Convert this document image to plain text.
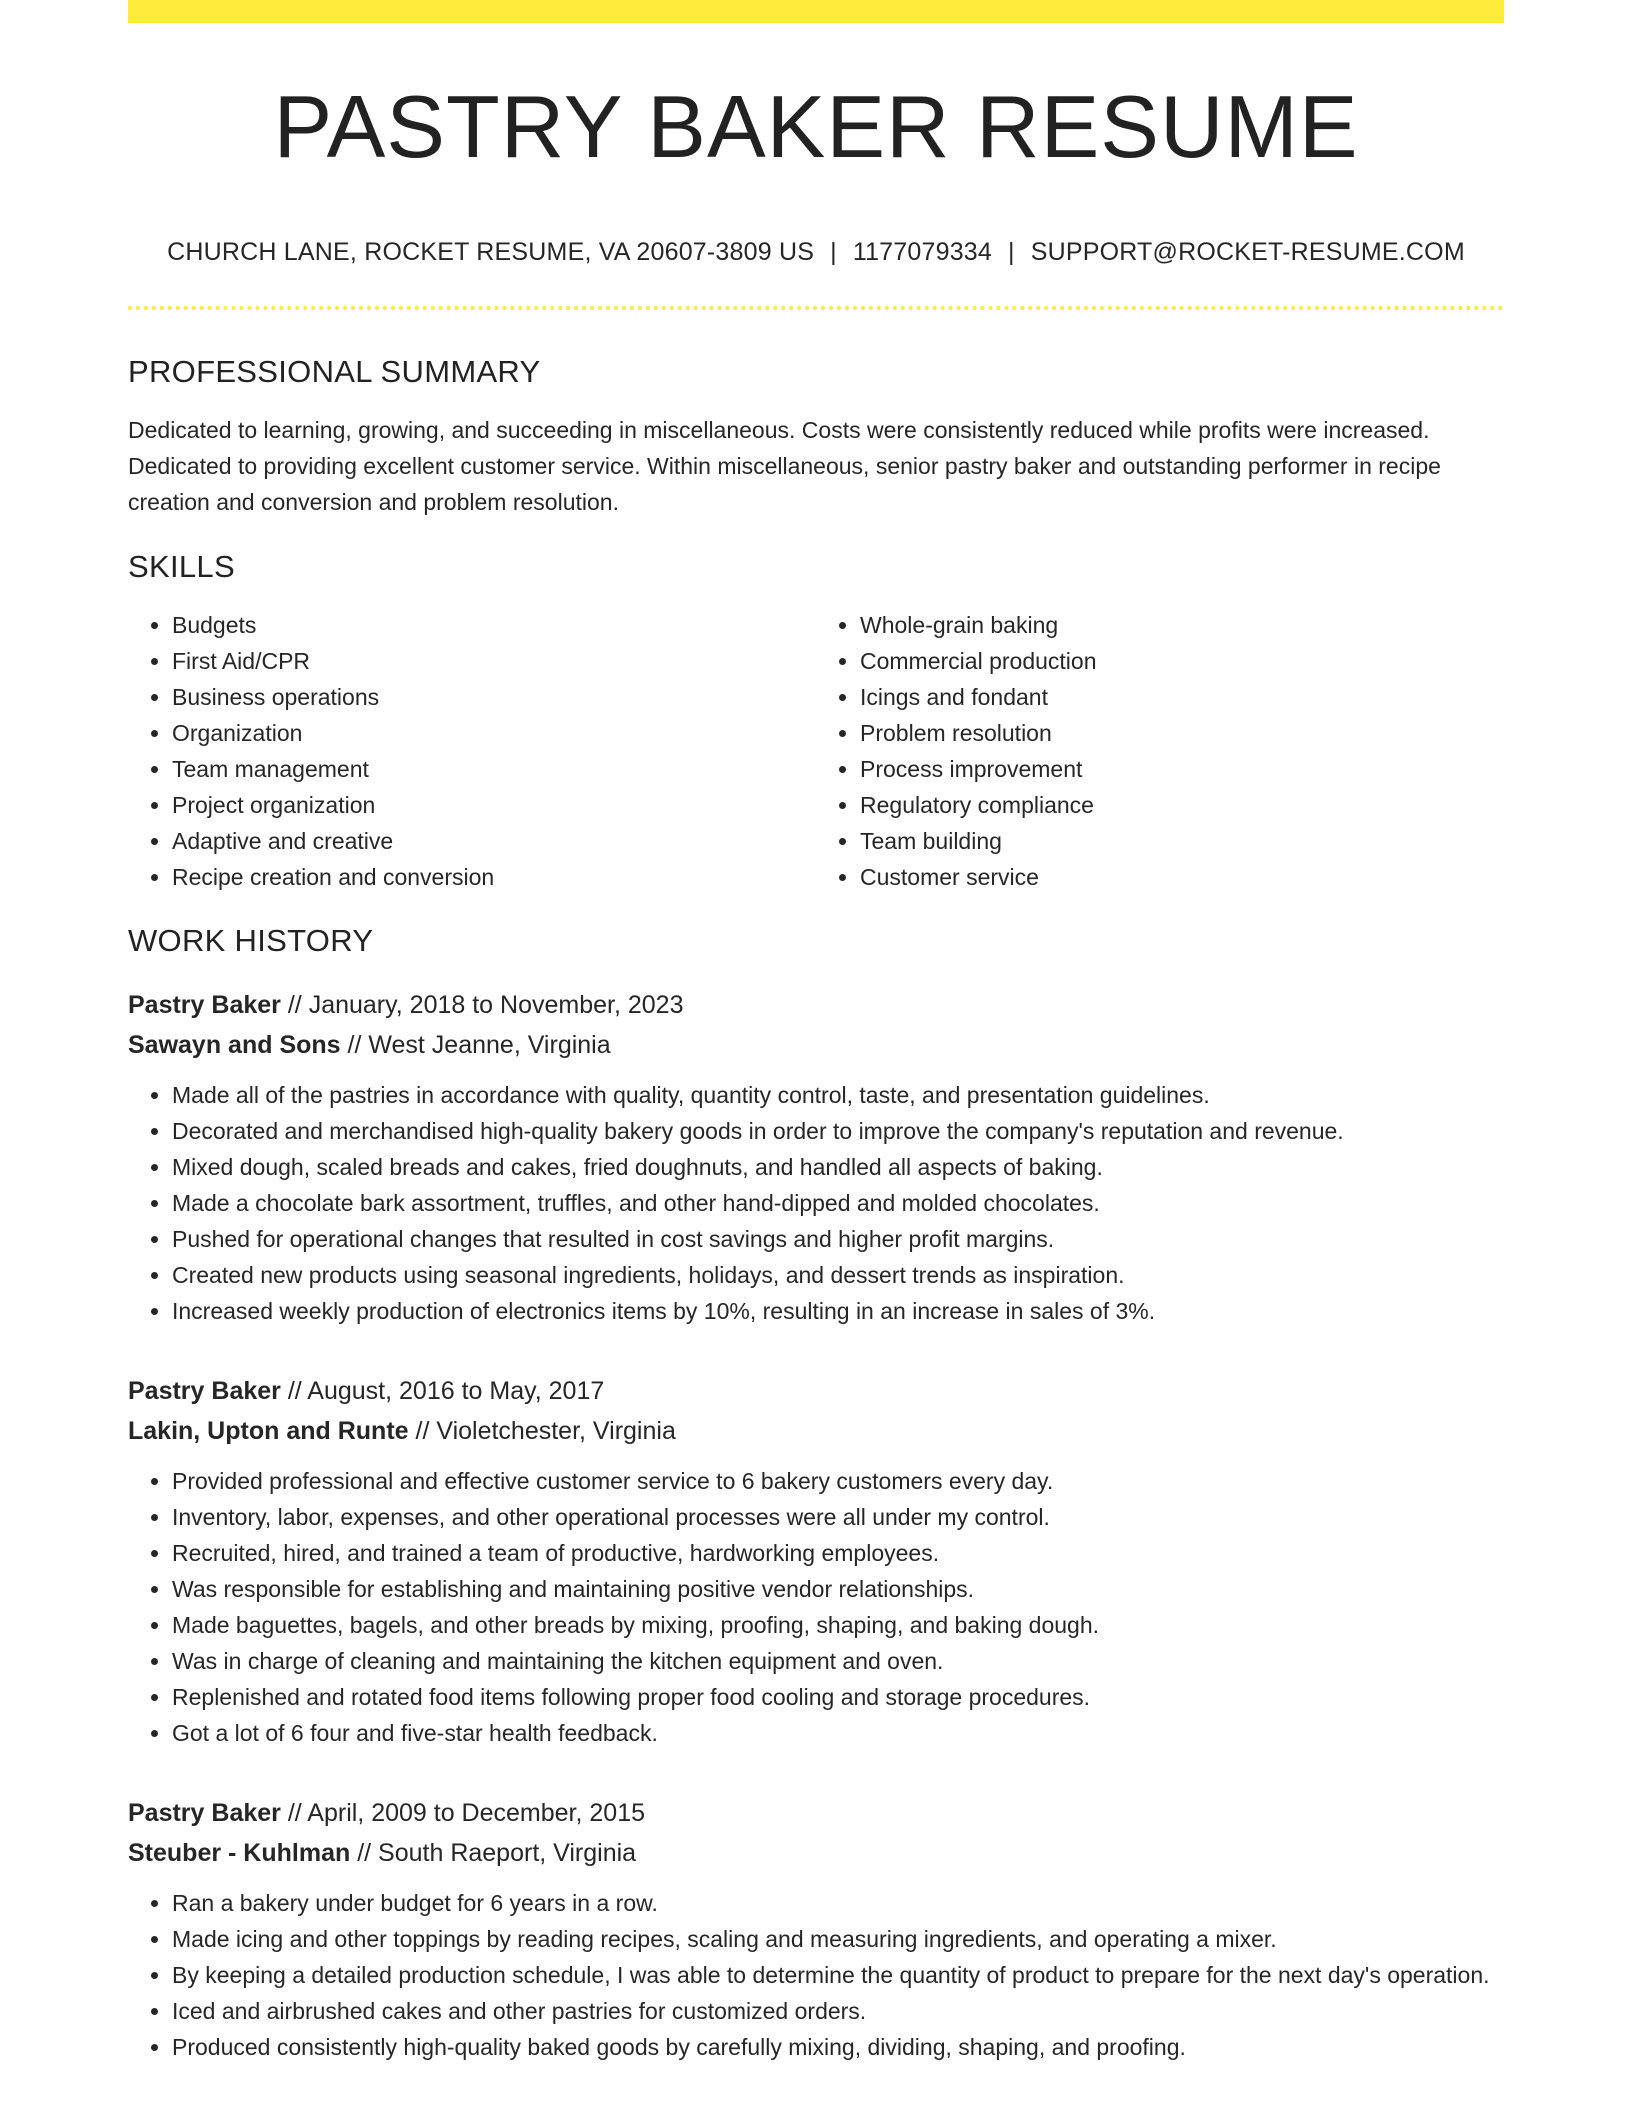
PASTRY BAKER RESUME
CHURCH LANE, ROCKET RESUME, VA 20607-3809 US | 1177079334 | SUPPORT@ROCKET-RESUME.COM
PROFESSIONAL SUMMARY

Dedicated to learning, growing, and succeeding in miscellaneous. Costs were consistently reduced while profits were increased. Dedicated to providing excellent customer service. Within miscellaneous, senior pastry baker and outstanding performer in recipe creation and conversion and problem resolution.

SKILLS
• Budgets
• First Aid/CPR
• Business operations
• Organization
• Team management
• Project organization
• Adaptive and creative
• Recipe creation and conversion
• Whole-grain baking
• Commercial production
• Icings and fondant
• Problem resolution
• Process improvement
• Regulatory compliance
• Team building
• Customer service
WORK HISTORY
Pastry Baker // January, 2018 to November, 2023
Sawayn and Sons // West Jeanne, Virginia
• Made all of the pastries in accordance with quality, quantity control, taste, and presentation guidelines.
• Decorated and merchandised high-quality bakery goods in order to improve the company's reputation and revenue.
• Mixed dough, scaled breads and cakes, fried doughnuts, and handled all aspects of baking.
• Made a chocolate bark assortment, truffles, and other hand-dipped and molded chocolates.
• Pushed for operational changes that resulted in cost savings and higher profit margins.
• Created new products using seasonal ingredients, holidays, and dessert trends as inspiration.
• Increased weekly production of electronics items by 10%, resulting in an increase in sales of 3%.
Pastry Baker // August, 2016 to May, 2017
Lakin, Upton and Runte // Violetchester, Virginia
• Provided professional and effective customer service to 6 bakery customers every day.
• Inventory, labor, expenses, and other operational processes were all under my control.
• Recruited, hired, and trained a team of productive, hardworking employees.
• Was responsible for establishing and maintaining positive vendor relationships.
• Made baguettes, bagels, and other breads by mixing, proofing, shaping, and baking dough.
• Was in charge of cleaning and maintaining the kitchen equipment and oven.
• Replenished and rotated food items following proper food cooling and storage procedures.
• Got a lot of 6 four and five-star health feedback.
Pastry Baker // April, 2009 to December, 2015
Steuber - Kuhlman // South Raeport, Virginia
• Ran a bakery under budget for 6 years in a row.
• Made icing and other toppings by reading recipes, scaling and measuring ingredients, and operating a mixer.
• By keeping a detailed production schedule, I was able to determine the quantity of product to prepare for the next day's operation.
• Iced and airbrushed cakes and other pastries for customized orders.
• Produced consistently high-quality baked goods by carefully mixing, dividing, shaping, and proofing.
